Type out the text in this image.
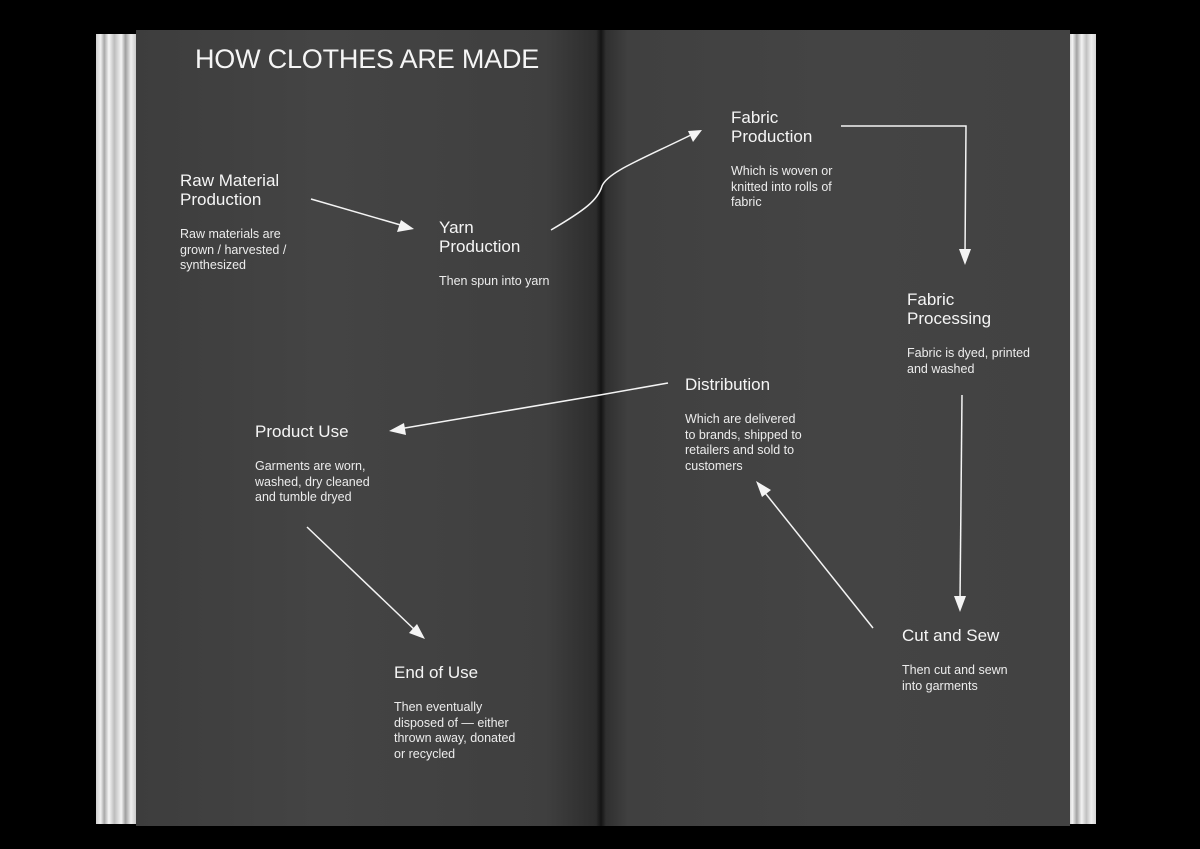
HOW CLOTHES ARE MADE
Raw Material
Production
Raw materials are
grown / harvested /
synthesized
Yarn
Production
Then spun into yarn
Fabric
Production
Which is woven or
knitted into rolls of
fabric
Fabric
Processing
Fabric is dyed, printed
and washed
Cut and Sew
Then cut and sewn
into garments
Distribution
Which are delivered
to brands, shipped to
retailers and sold to
customers
Product Use
Garments are worn,
washed, dry cleaned
and tumble dryed
End of Use
Then eventually
disposed of — either
thrown away, donated
or recycled
